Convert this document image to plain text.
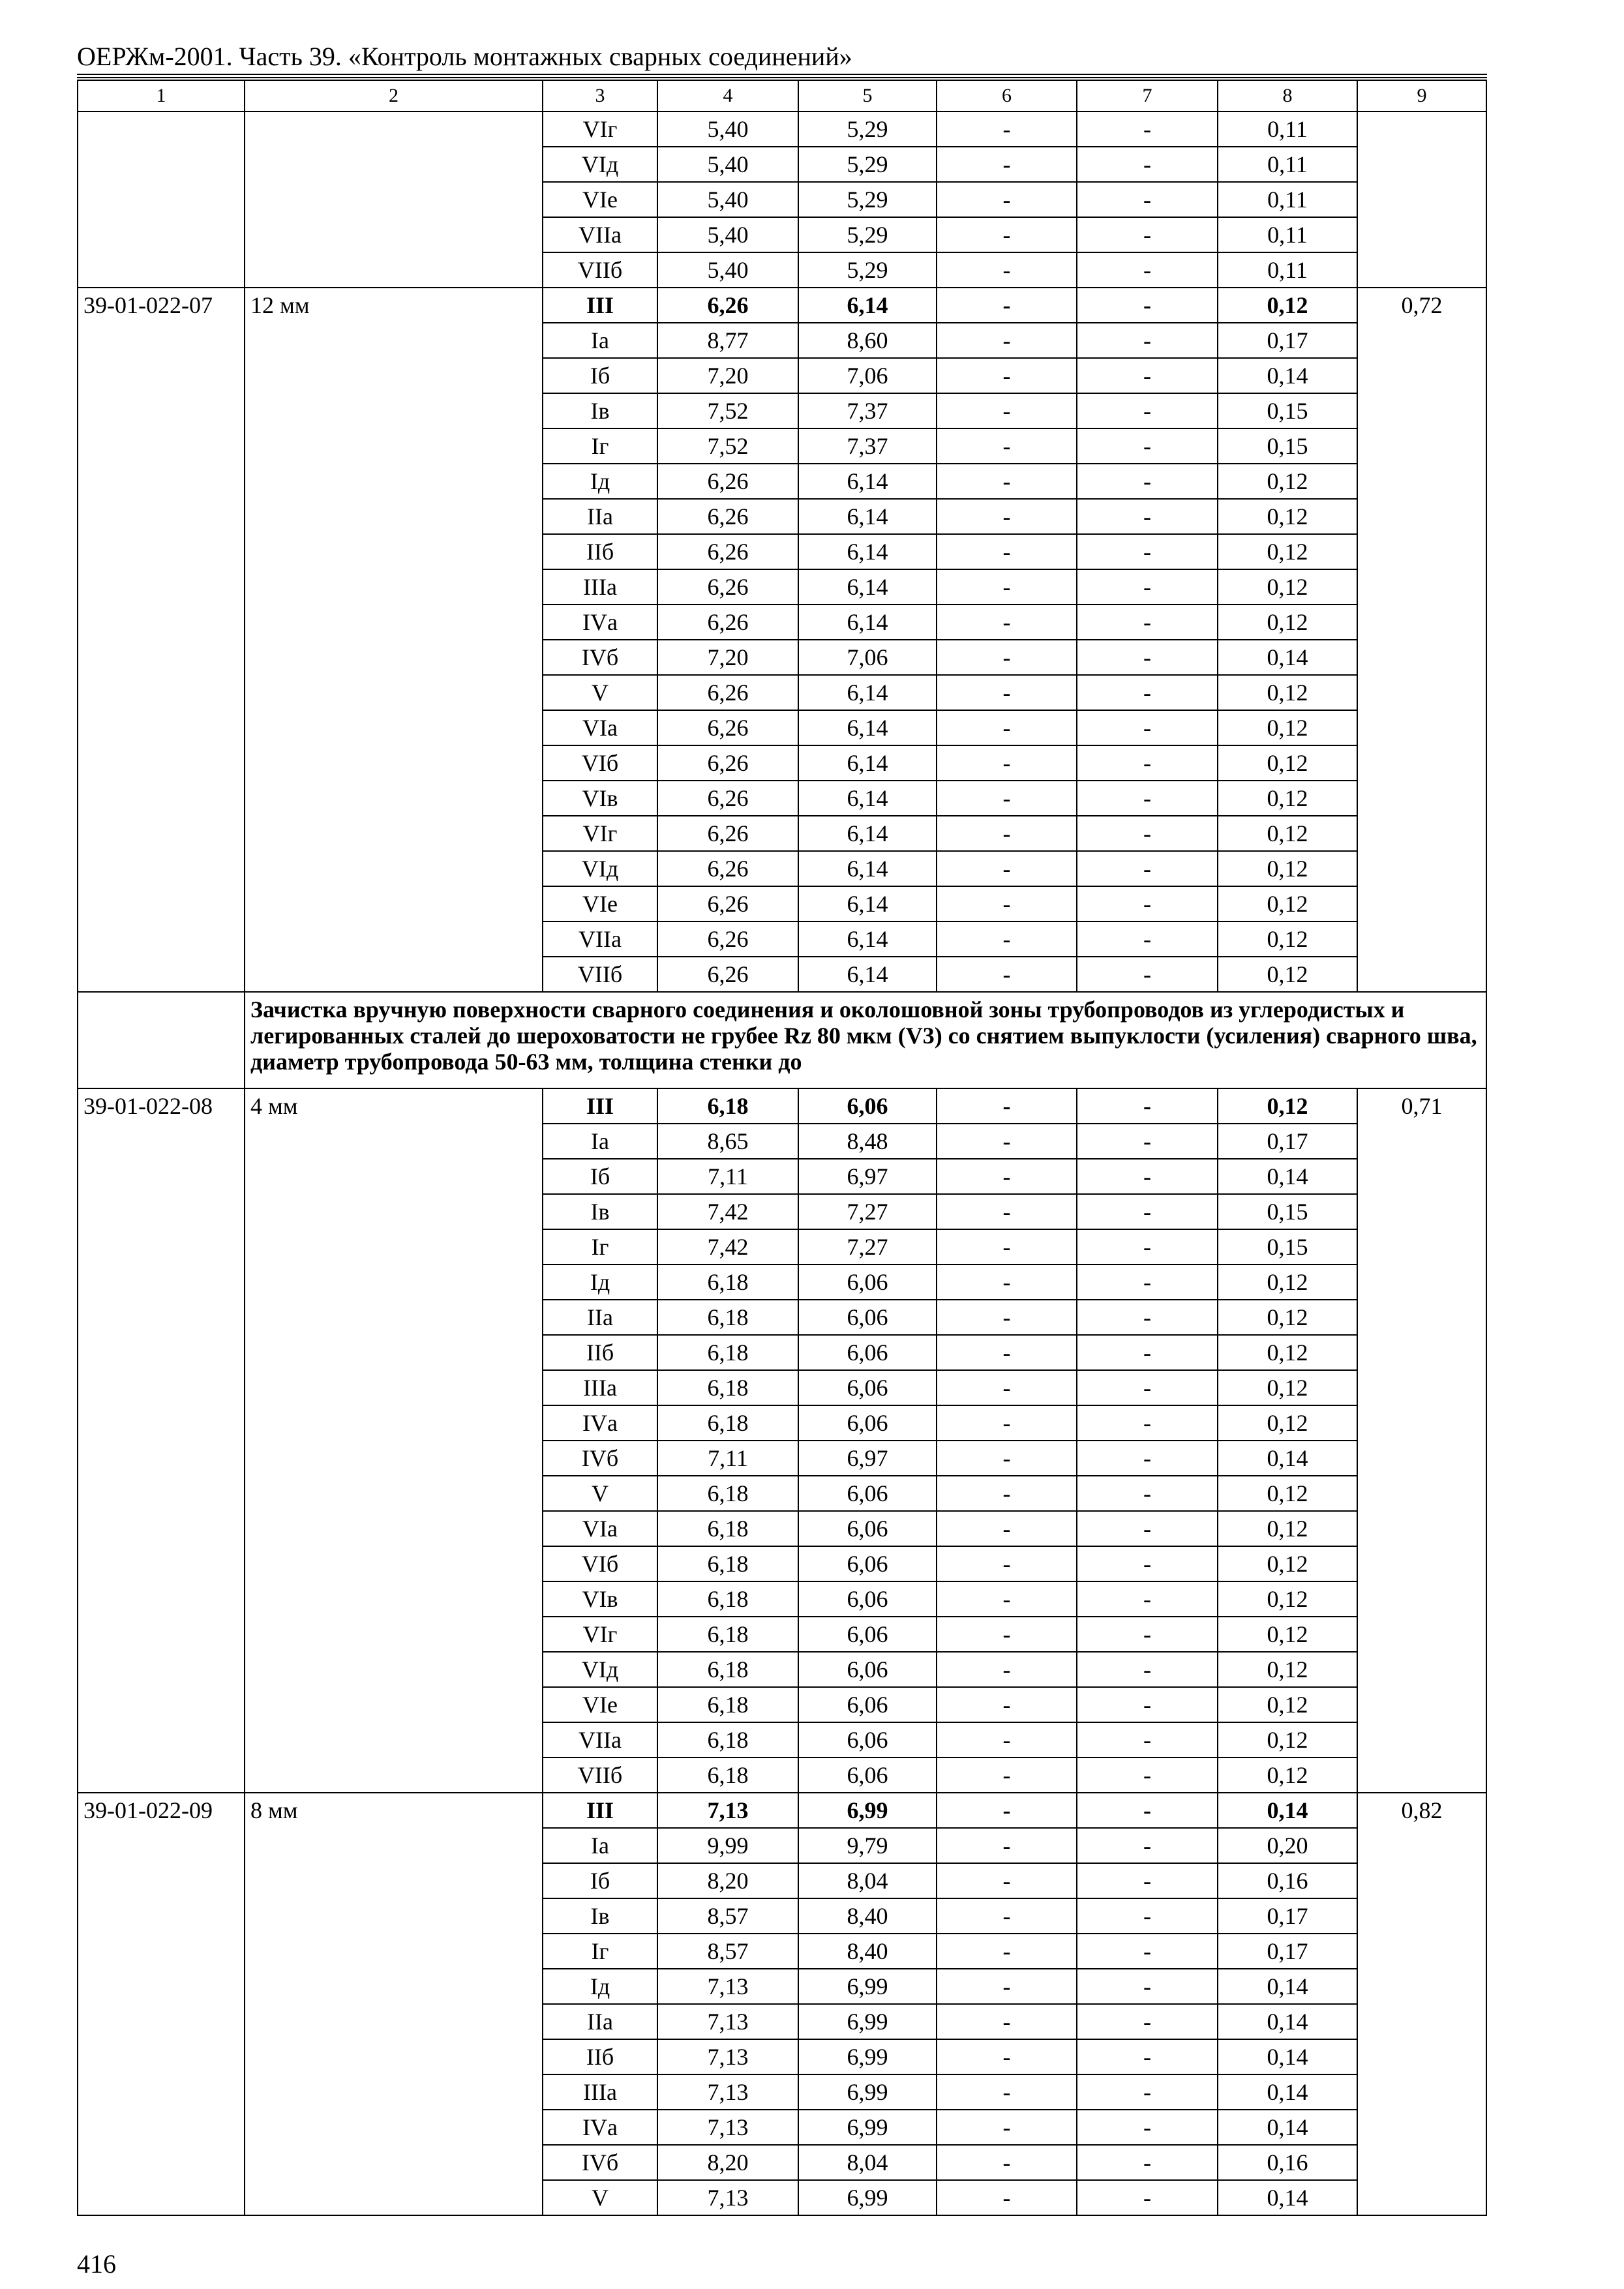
ОЕРЖм-2001. Часть 39. «Контроль монтажных сварных соединений»
1	2	3	4	5	6	7	8	9
		VIг	5,40	5,29	-	-	0,11	
		VIд	5,40	5,29	-	-	0,11	
		VIе	5,40	5,29	-	-	0,11	
		VIIа	5,40	5,29	-	-	0,11	
		VIIб	5,40	5,29	-	-	0,11	
39-01-022-07	12 мм	III	6,26	6,14	-	-	0,12	0,72
		Iа	8,77	8,60	-	-	0,17	
		Iб	7,20	7,06	-	-	0,14	
		Iв	7,52	7,37	-	-	0,15	
		Iг	7,52	7,37	-	-	0,15	
		Iд	6,26	6,14	-	-	0,12	
		IIа	6,26	6,14	-	-	0,12	
		IIб	6,26	6,14	-	-	0,12	
		IIIа	6,26	6,14	-	-	0,12	
		IVа	6,26	6,14	-	-	0,12	
		IVб	7,20	7,06	-	-	0,14	
		V	6,26	6,14	-	-	0,12	
		VIа	6,26	6,14	-	-	0,12	
		VIб	6,26	6,14	-	-	0,12	
		VIв	6,26	6,14	-	-	0,12	
		VIг	6,26	6,14	-	-	0,12	
		VIд	6,26	6,14	-	-	0,12	
		VIе	6,26	6,14	-	-	0,12	
		VIIа	6,26	6,14	-	-	0,12	
		VIIб	6,26	6,14	-	-	0,12	
	Зачистка вручную поверхности сварного соединения и околошовной зоны трубопроводов из углеродистых и легированных сталей до шероховатости не грубее Rz 80 мкм (V3) со снятием выпуклости (усиления) сварного шва, диаметр трубопровода 50-63 мм, толщина стенки до							
39-01-022-08	4 мм	III	6,18	6,06	-	-	0,12	0,71
		Iа	8,65	8,48	-	-	0,17	
		Iб	7,11	6,97	-	-	0,14	
		Iв	7,42	7,27	-	-	0,15	
		Iг	7,42	7,27	-	-	0,15	
		Iд	6,18	6,06	-	-	0,12	
		IIа	6,18	6,06	-	-	0,12	
		IIб	6,18	6,06	-	-	0,12	
		IIIа	6,18	6,06	-	-	0,12	
		IVа	6,18	6,06	-	-	0,12	
		IVб	7,11	6,97	-	-	0,14	
		V	6,18	6,06	-	-	0,12	
		VIа	6,18	6,06	-	-	0,12	
		VIб	6,18	6,06	-	-	0,12	
		VIв	6,18	6,06	-	-	0,12	
		VIг	6,18	6,06	-	-	0,12	
		VIд	6,18	6,06	-	-	0,12	
		VIе	6,18	6,06	-	-	0,12	
		VIIа	6,18	6,06	-	-	0,12	
		VIIб	6,18	6,06	-	-	0,12	
39-01-022-09	8 мм	III	7,13	6,99	-	-	0,14	0,82
		Iа	9,99	9,79	-	-	0,20	
		Iб	8,20	8,04	-	-	0,16	
		Iв	8,57	8,40	-	-	0,17	
		Iг	8,57	8,40	-	-	0,17	
		Iд	7,13	6,99	-	-	0,14	
		IIа	7,13	6,99	-	-	0,14	
		IIб	7,13	6,99	-	-	0,14	
		IIIа	7,13	6,99	-	-	0,14	
		IVа	7,13	6,99	-	-	0,14	
		IVб	8,20	8,04	-	-	0,16	
		V	7,13	6,99	-	-	0,14	
416
